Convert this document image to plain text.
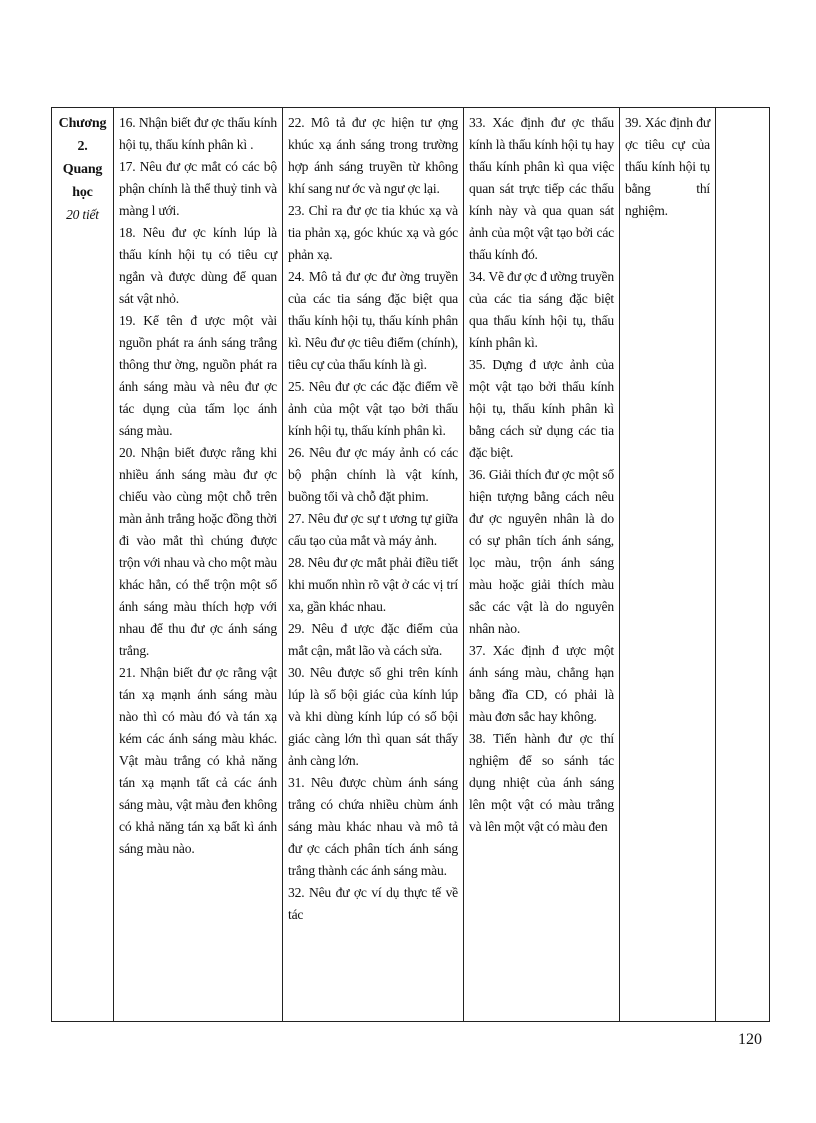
Chương 2.

Quang học

20 tiết

16. Nhận biết đư ợc thấu kính hội tụ, thấu kính phân kì .

17. Nêu đư ợc mắt có các bộ phận chính là thể thuỷ tinh và màng l ưới.

18. Nêu đư ợc kính lúp là thấu kính hội tụ có tiêu cự ngắn và được dùng để quan sát vật nhỏ.

19. Kể tên đ ược một vài nguồn phát ra ánh sáng trắng thông thư ờng, nguồn phát ra ánh sáng màu và nêu đư ợc tác dụng của tấm lọc ánh sáng màu.

20. Nhận biết được rằng khi nhiều ánh sáng màu đư ợc chiếu vào cùng một chỗ trên màn ảnh trắng hoặc đồng thời đi vào mắt thì chúng được trộn với nhau và cho một màu khác hẳn, có thể trộn một số ánh sáng màu thích hợp với nhau để thu đư ợc ánh sáng trắng.

21. Nhận biết đư ợc rằng vật tán xạ mạnh ánh sáng màu nào thì có màu đó và tán xạ kém các ánh sáng màu khác. Vật màu trắng có khả năng tán xạ mạnh tất cả các ánh sáng màu, vật màu đen không có khả năng tán xạ bất kì ánh sáng màu nào.

22. Mô tả đư ợc hiện tư ợng khúc xạ ánh sáng trong trường hợp ánh sáng truyền từ không khí sang nư ớc và ngư ợc lại.

23. Chỉ ra đư ợc tia khúc xạ và tia phản xạ, góc khúc xạ và góc phản xạ.

24. Mô tả đư ợc đư ờng truyền của các tia sáng đặc biệt qua thấu kính hội tụ, thấu kính phân kì. Nêu đư ợc tiêu điểm (chính), tiêu cự của thấu kính là gì.

25. Nêu đư ợc các đặc điểm về ảnh của một vật tạo bởi thấu kính hội tụ, thấu kính phân kì.

26. Nêu đư ợc máy ảnh có các bộ phận chính là vật kính, buồng tối và chỗ đặt phim.

27. Nêu đư ợc sự t ương tự giữa cấu tạo của mắt và máy ảnh.

28. Nêu đư ợc mắt phải điều tiết khi muốn nhìn rõ vật ở các vị trí xa, gần khác nhau.

29. Nêu đ ược đặc điểm của mắt cận, mắt lão và cách sửa.

30. Nêu được số ghi trên kính lúp là số bội giác của kính lúp và khi dùng kính lúp có số bội giác càng lớn thì quan sát thấy ảnh càng lớn.

31. Nêu được chùm ánh sáng trắng có chứa nhiều chùm ánh sáng màu khác nhau và mô tả đư ợc cách phân tích ánh sáng trắng thành các ánh sáng màu.

32. Nêu đư ợc ví dụ thực tế về tác

33. Xác định đư ợc thấu kính là thấu kính hội tụ hay thấu kính phân kì qua việc quan sát trực tiếp các thấu kính này và qua quan sát ảnh của một vật tạo bởi các thấu kính đó.

34. Vẽ đư ợc đ ường truyền của các tia sáng đặc biệt qua thấu kính hội tụ, thấu kính phân kì.

35. Dựng đ ược ảnh của một vật tạo bởi thấu kính hội tụ, thấu kính phân kì bằng cách sử dụng các tia đặc biệt.

36. Giải thích đư ợc một số hiện tượng bằng cách nêu đư ợc nguyên nhân là do có sự phân tích ánh sáng, lọc màu, trộn ánh sáng màu hoặc giải thích màu sắc các vật là do nguyên nhân nào.

37. Xác định đ ược một ánh sáng màu, chẳng hạn bằng đĩa CD, có phải là màu đơn sắc hay không.

38. Tiến hành đư ợc thí nghiệm để so sánh tác dụng nhiệt của ánh sáng lên một vật có màu trắng và lên một vật có màu đen

39. Xác định đư ợc tiêu cự của thấu kính hội tụ bằng thí nghiệm.

120
